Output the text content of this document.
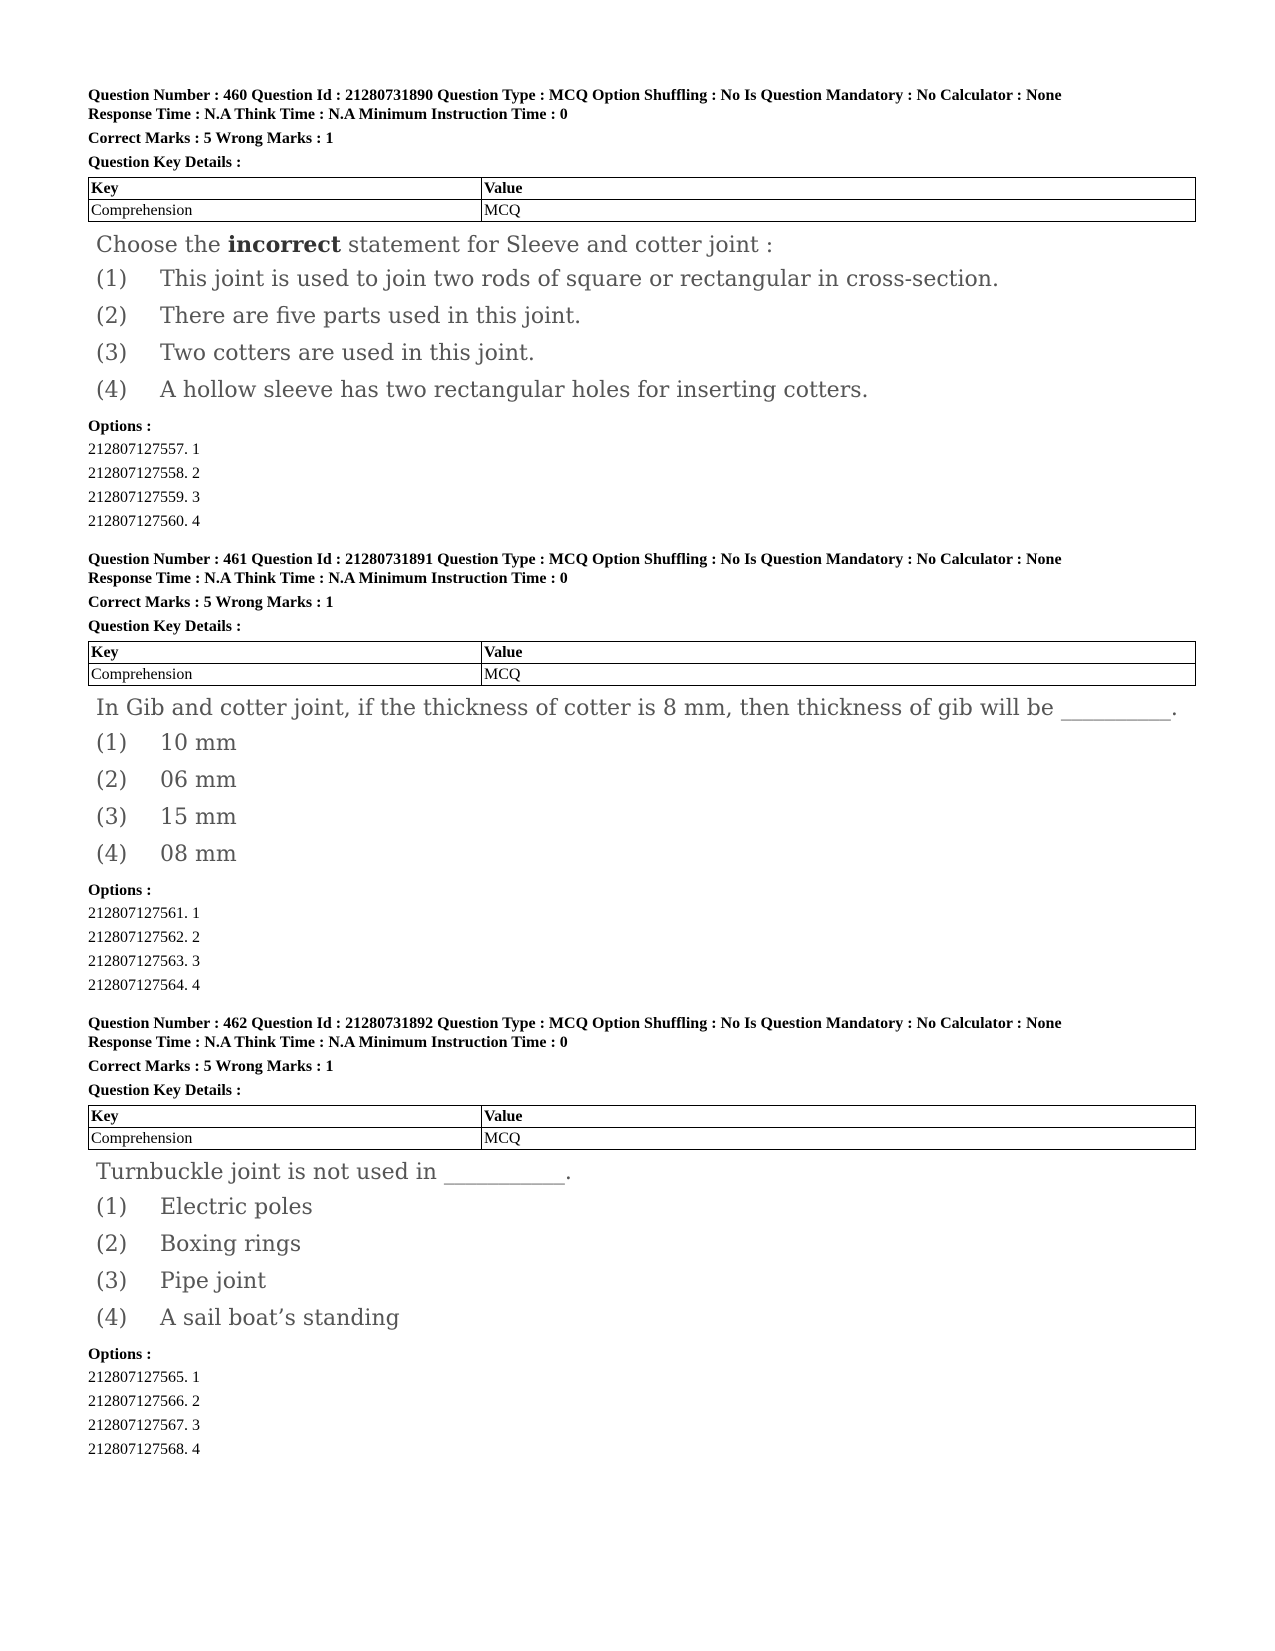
Question Number : 460 Question Id : 21280731890 Question Type : MCQ Option Shuffling : No Is Question Mandatory : No Calculator : None

Response Time : N.A Think Time : N.A Minimum Instruction Time : 0

Correct Marks : 5 Wrong Marks : 1

Question Key Details :

Key	Value
Comprehension	MCQ
Choose the incorrect statement for Sleeve and cotter joint :
(1) This joint is used to join two rods of square or rectangular in cross-section.
(2) There are five parts used in this joint.
(3) Two cotters are used in this joint.
(4) A hollow sleeve has two rectangular holes for inserting cotters.
Options :
212807127557. 1
212807127558. 2
212807127559. 3
212807127560. 4

Question Number : 461 Question Id : 21280731891 Question Type : MCQ Option Shuffling : No Is Question Mandatory : No Calculator : None

Response Time : N.A Think Time : N.A Minimum Instruction Time : 0

Correct Marks : 5 Wrong Marks : 1

Question Key Details :

Key	Value
Comprehension	MCQ
In Gib and cotter joint, if the thickness of cotter is 8 mm, then thickness of gib will be __________.
(1) 10 mm
(2) 06 mm
(3) 15 mm
(4) 08 mm
Options :
212807127561. 1
212807127562. 2
212807127563. 3
212807127564. 4

Question Number : 462 Question Id : 21280731892 Question Type : MCQ Option Shuffling : No Is Question Mandatory : No Calculator : None

Response Time : N.A Think Time : N.A Minimum Instruction Time : 0

Correct Marks : 5 Wrong Marks : 1

Question Key Details :

Key	Value
Comprehension	MCQ
Turnbuckle joint is not used in ___________.
(1) Electric poles
(2) Boxing rings
(3) Pipe joint
(4) A sail boat’s standing
Options :
212807127565. 1
212807127566. 2
212807127567. 3
212807127568. 4
